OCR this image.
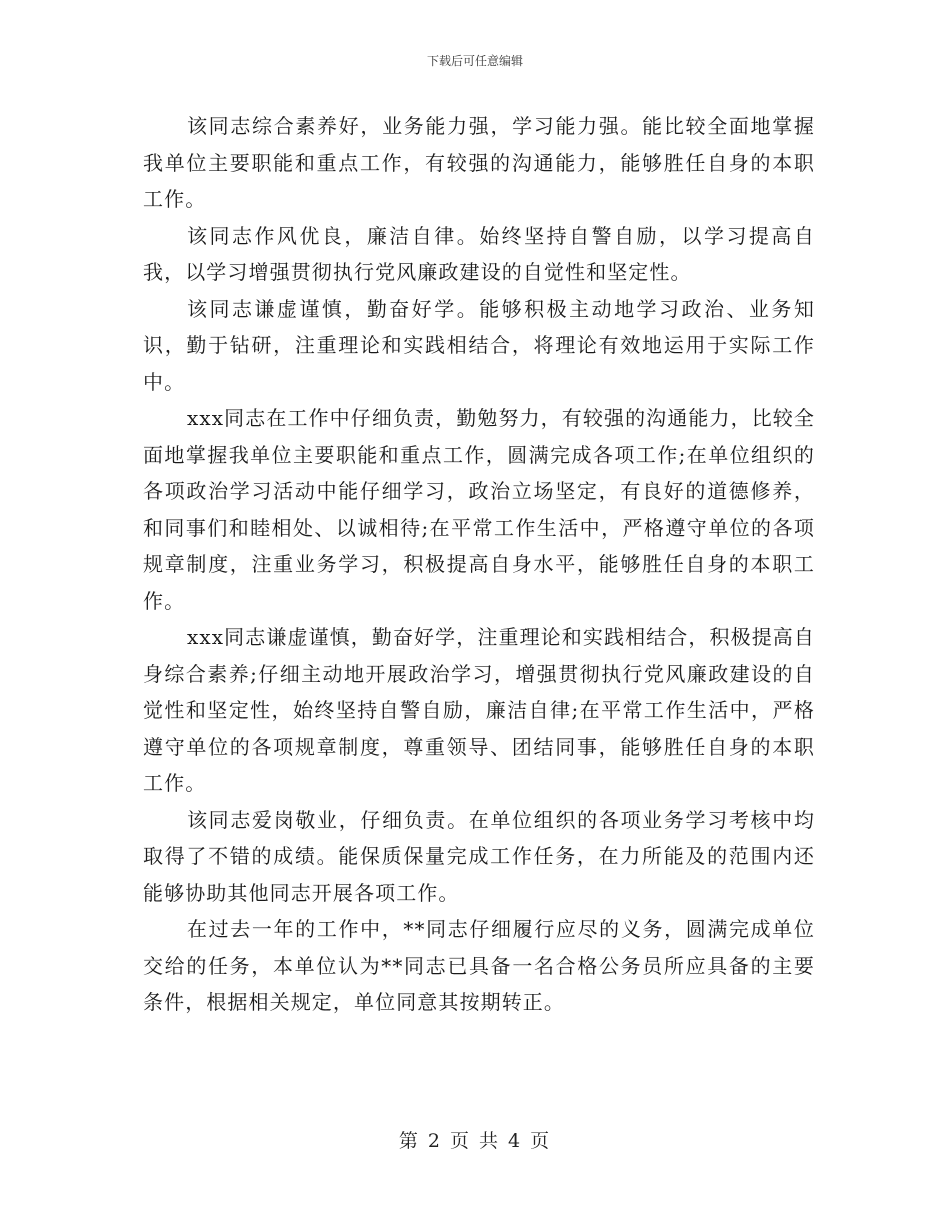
下载后可任意编辑

该同志综合素养好，业务能力强，学习能力强。能比较全面地掌握我单位主要职能和重点工作，有较强的沟通能力，能够胜任自身的本职工作。

该同志作风优良，廉洁自律。始终坚持自警自励，以学习提高自我，以学习增强贯彻执行党风廉政建设的自觉性和坚定性。

该同志谦虚谨慎，勤奋好学。能够积极主动地学习政治、业务知识，勤于钻研，注重理论和实践相结合，将理论有效地运用于实际工作中。

xxx同志在工作中仔细负责，勤勉努力，有较强的沟通能力，比较全面地掌握我单位主要职能和重点工作，圆满完成各项工作;在单位组织的各项政治学习活动中能仔细学习，政治立场坚定，有良好的道德修养，和同事们和睦相处、以诚相待;在平常工作生活中，严格遵守单位的各项规章制度，注重业务学习，积极提高自身水平，能够胜任自身的本职工作。

xxx同志谦虚谨慎，勤奋好学，注重理论和实践相结合，积极提高自身综合素养;仔细主动地开展政治学习，增强贯彻执行党风廉政建设的自觉性和坚定性，始终坚持自警自励，廉洁自律;在平常工作生活中，严格遵守单位的各项规章制度，尊重领导、团结同事，能够胜任自身的本职工作。

该同志爱岗敬业，仔细负责。在单位组织的各项业务学习考核中均取得了不错的成绩。能保质保量完成工作任务，在力所能及的范围内还能够协助其他同志开展各项工作。

在过去一年的工作中，**同志仔细履行应尽的义务，圆满完成单位交给的任务，本单位认为**同志已具备一名合格公务员所应具备的主要条件，根据相关规定，单位同意其按期转正。

第 2 页 共 4 页
